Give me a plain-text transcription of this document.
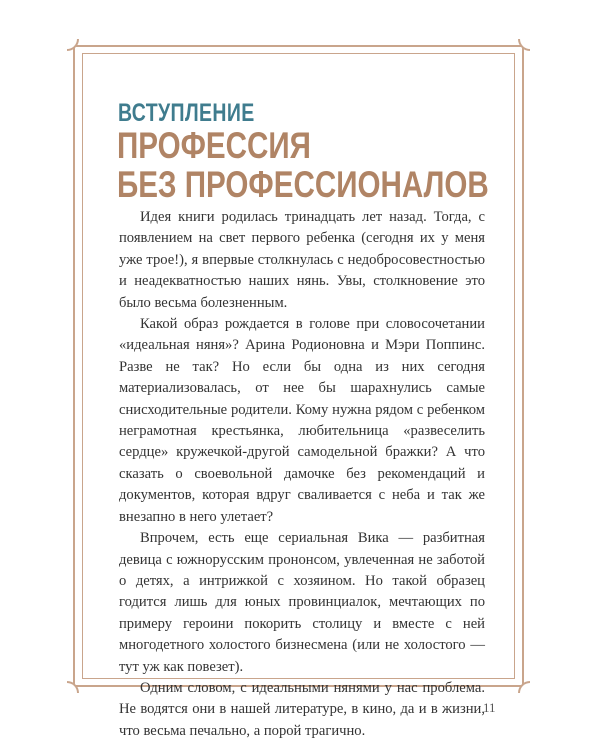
ВСТУПЛЕНИЕ
ПРОФЕССИЯ
БЕЗ ПРОФЕССИОНАЛОВ

Идея книги родилась тринадцать лет назад. Тогда, с появлением на свет первого ребенка (сегодня их у меня уже трое!), я впервые столкнулась с недобросовестностью и неадекватностью наших нянь. Увы, столкновение это было весьма болезненным.

Какой образ рождается в голове при словосочетании «идеальная няня»? Арина Родионовна и Мэри Поппинс. Разве не так? Но если бы одна из них сегодня материализовалась, от нее бы шарахнулись самые снисходительные родители. Кому нужна рядом с ребенком неграмотная крестьянка, любительница «развеселить сердце» кружечкой-другой самодельной бражки? А что сказать о своевольной дамочке без рекомендаций и документов, которая вдруг сваливается с неба и так же внезапно в него улетает?

Впрочем, есть еще сериальная Вика — разбитная девица с южнорусским прононсом, увлеченная не заботой о детях, а интрижкой с хозяином. Но такой образец годится лишь для юных провинциалок, мечтающих по примеру героини покорить столицу и вместе с ней многодетного холостого бизнесмена (или не холостого — тут уж как повезет).

Одним словом, с идеальными нянями у нас проблема. Не водятся они в нашей литературе, в кино, да и в жизни, что весьма печально, а порой трагично.

11
